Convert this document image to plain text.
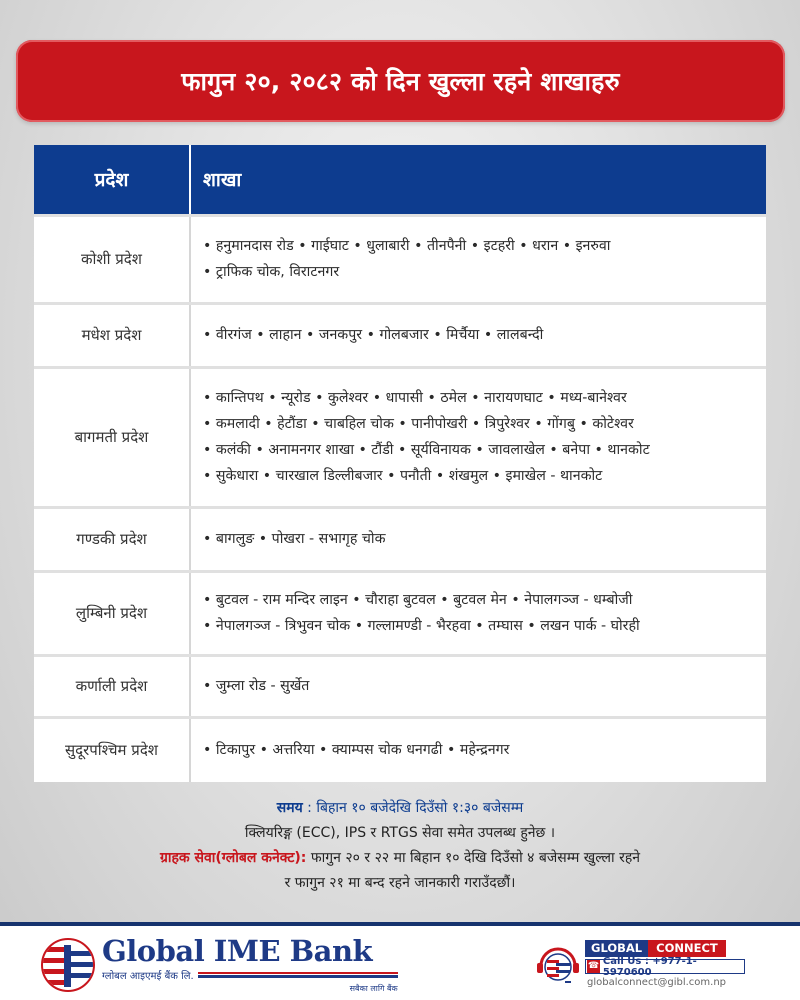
फागुन २०, २०८२ को दिन खुल्ला रहने शाखाहरु
प्रदेश	शाखा
कोशी प्रदेश	• हनुमानदास रोड • गाईघाट • धुलाबारी • तीनपैनी • इटहरी • धरान • इनरुवा
• ट्राफिक चोक, विराटनगर

मधेश प्रदेश	• वीरगंज • लाहान • जनकपुर • गोलबजार • मिर्चैया • लालबन्दी

बागमती प्रदेश	• कान्तिपथ • न्यूरोड • कुलेश्वर • धापासी • ठमेल • नारायणघाट • मध्य-बानेश्वर
• कमलादी • हेटौंडा • चाबहिल चोक • पानीपोखरी • त्रिपुरेश्वर • गोंगबु • कोटेश्वर
• कलंकी • अनामनगर शाखा • टौंडी • सूर्यविनायक • जावलाखेल • बनेपा • थानकोट
• सुकेधारा • चारखाल डिल्लीबजार • पनौती • शंखमुल • इमाखेल - थानकोट

गण्डकी प्रदेश	• बागलुङ • पोखरा - सभागृह चोक

लुम्बिनी प्रदेश	• बुटवल - राम मन्दिर लाइन • चौराहा बुटवल • बुटवल मेन • नेपालगञ्ज - धम्बोजी
• नेपालगञ्ज - त्रिभुवन चोक • गल्लामण्डी - भैरहवा • तम्घास • लखन पार्क - घोरही

कर्णाली प्रदेश	• जुम्ला रोड - सुर्खेत

सुदूरपश्चिम प्रदेश	• टिकापुर • अत्तरिया • क्याम्पस चोक धनगढी • महेन्द्रनगर
समय : बिहान १० बजेदेखि दिउँसो १:३० बजेसम्म
क्लियरिङ्ग (ECC), IPS र RTGS सेवा समेत उपलब्ध हुनेछ ।
ग्राहक सेवा(ग्लोबल कनेक्ट): फागुन २० र २२ मा बिहान १० देखि दिउँसो ४ बजेसम्म खुल्ला रहने
र फागुन २१ मा बन्द रहने जानकारी गराउँदछौं।
Global IME Bank
ग्लोबल आइएमई बैंक लि.
सबैका लागि बैंक
GLOBAL	CONNECT
☎ Call Us : +977-1-5970600
globalconnect@gibl.com.np
